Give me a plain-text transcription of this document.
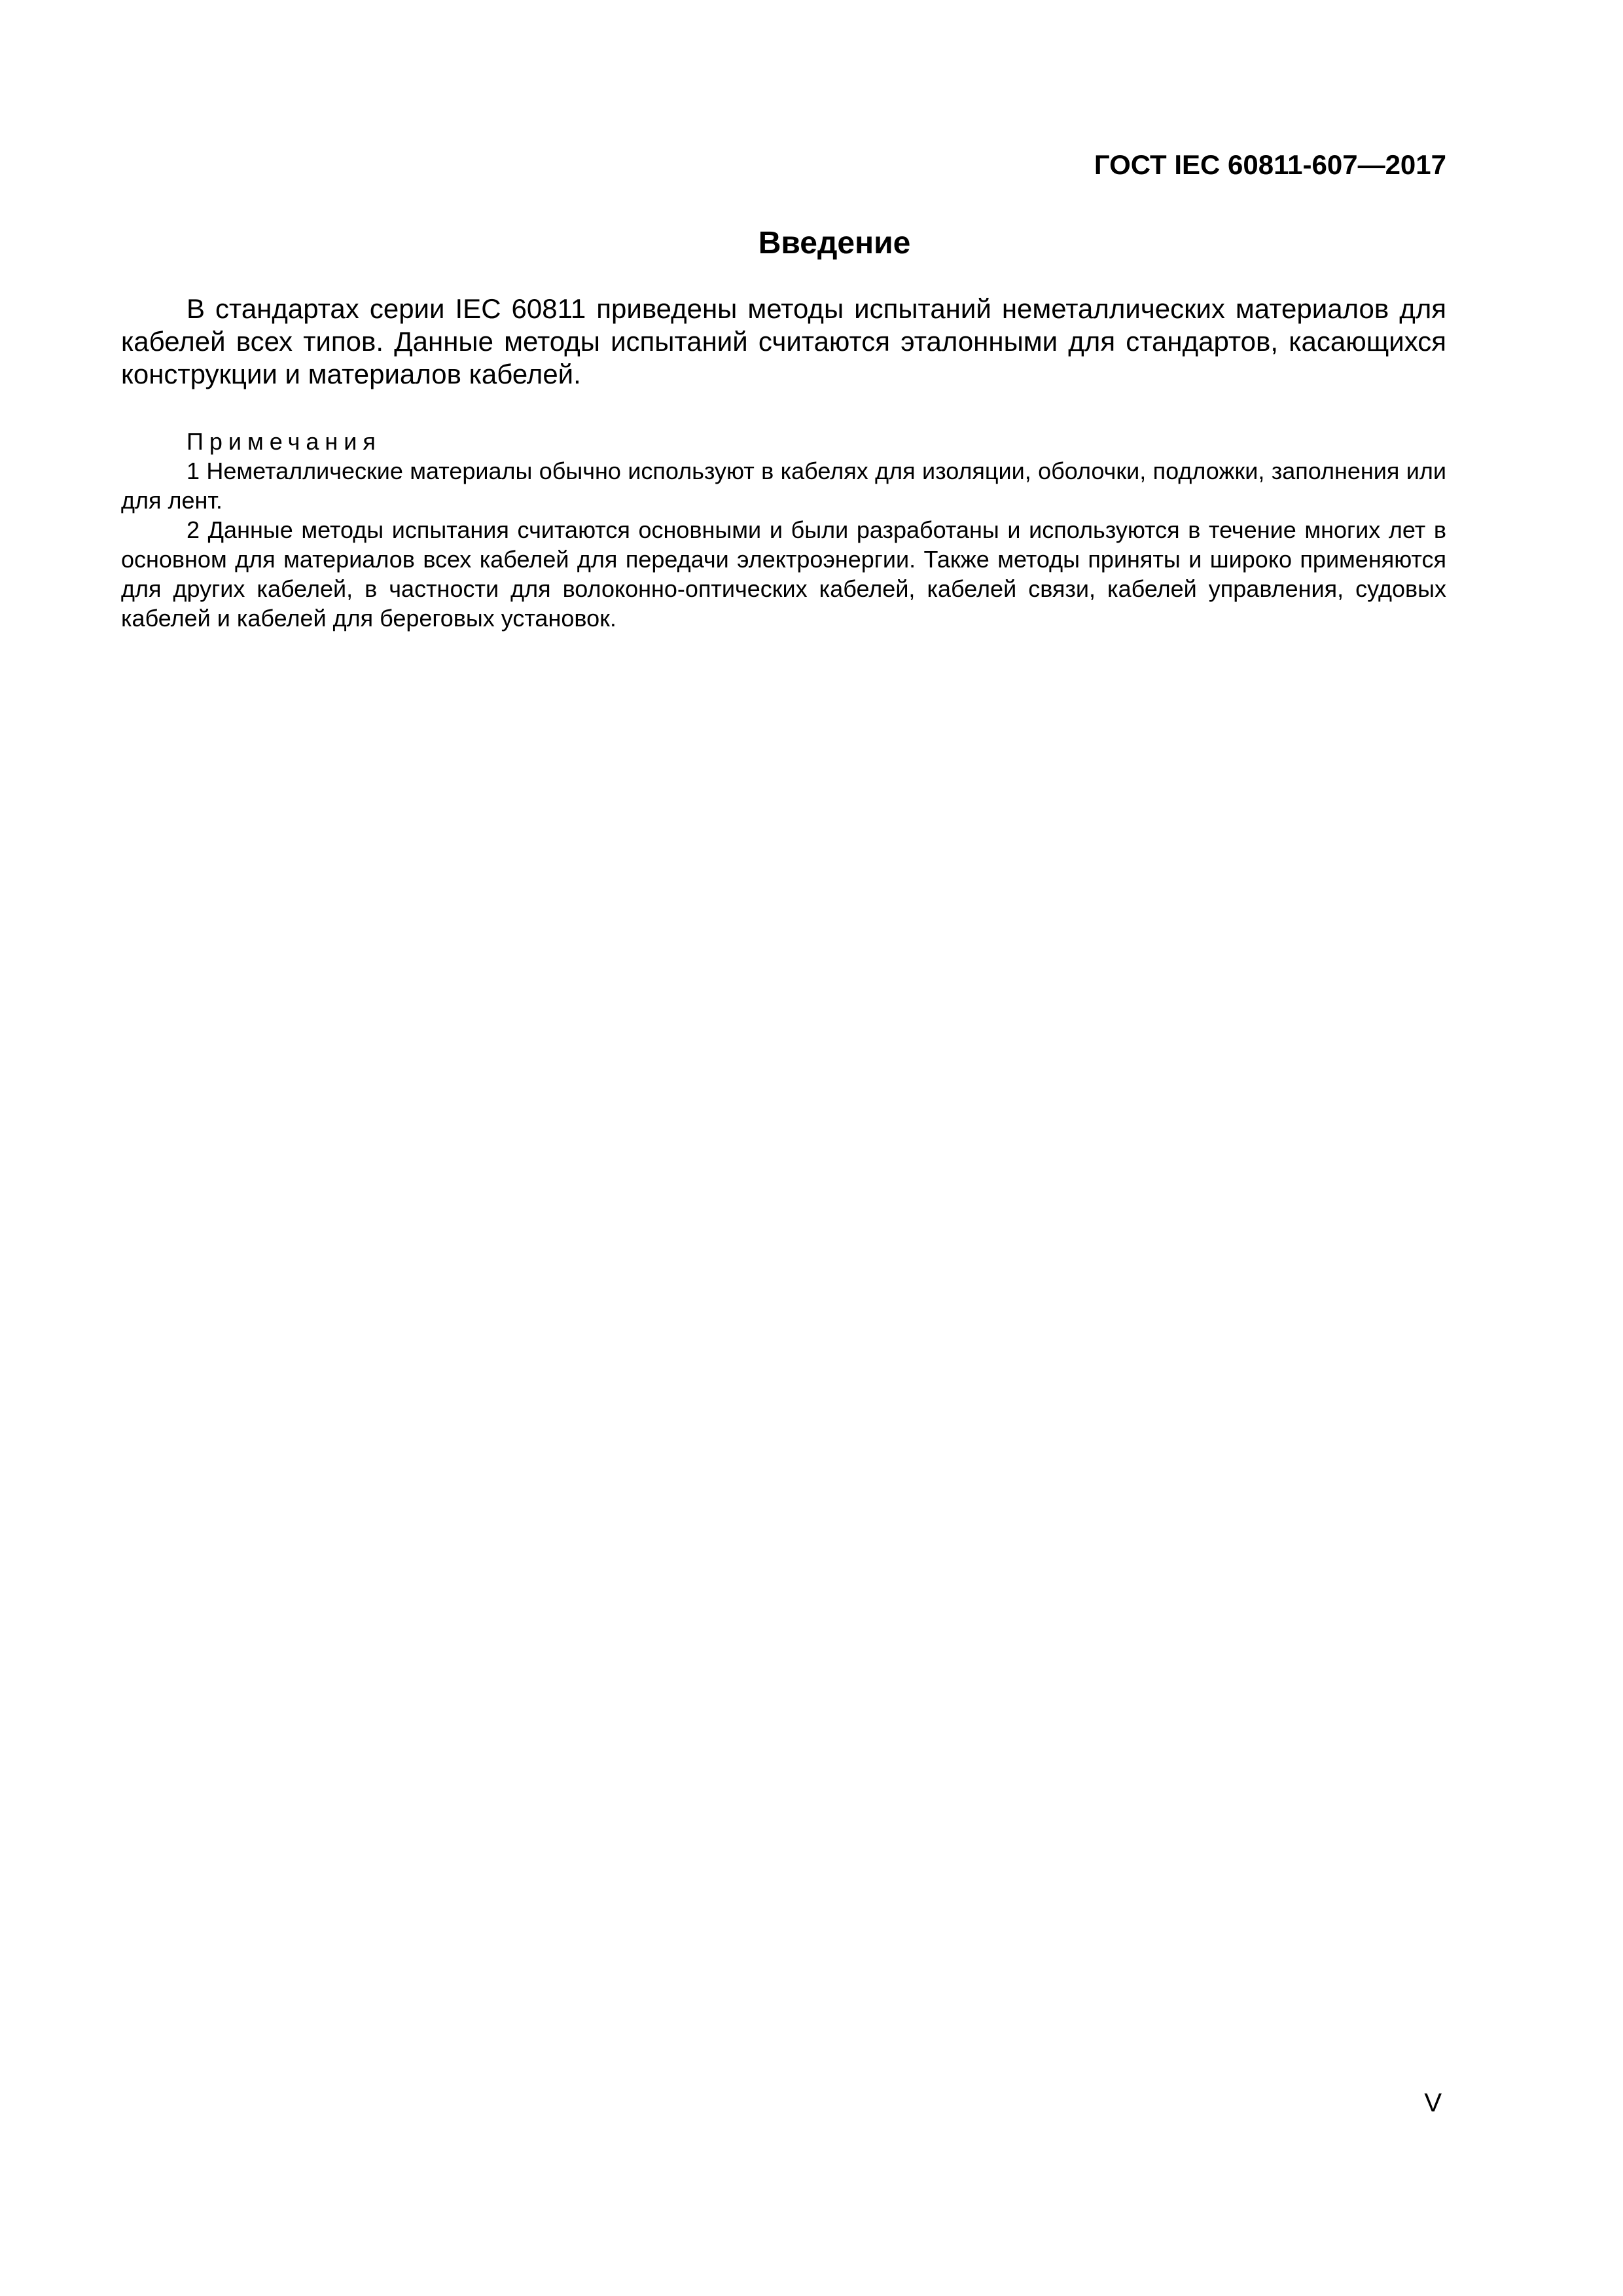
ГОСТ IEC 60811-607—2017
Введение

В стандартах серии IEC 60811 приведены методы испытаний неметаллических материалов для кабелей всех типов. Данные методы испытаний считаются эталонными для стандартов, касающихся конструкции и материалов кабелей.

Примечания

1 Неметаллические материалы обычно используют в кабелях для изоляции, оболочки, подложки, заполнения или для лент.

2 Данные методы испытания считаются основными и были разработаны и используются в течение многих лет в основном для материалов всех кабелей для передачи электроэнергии. Также методы приняты и широко применяются для других кабелей, в частности для волоконно-оптических кабелей, кабелей связи, кабелей управления, судовых кабелей и кабелей для береговых установок.

V
